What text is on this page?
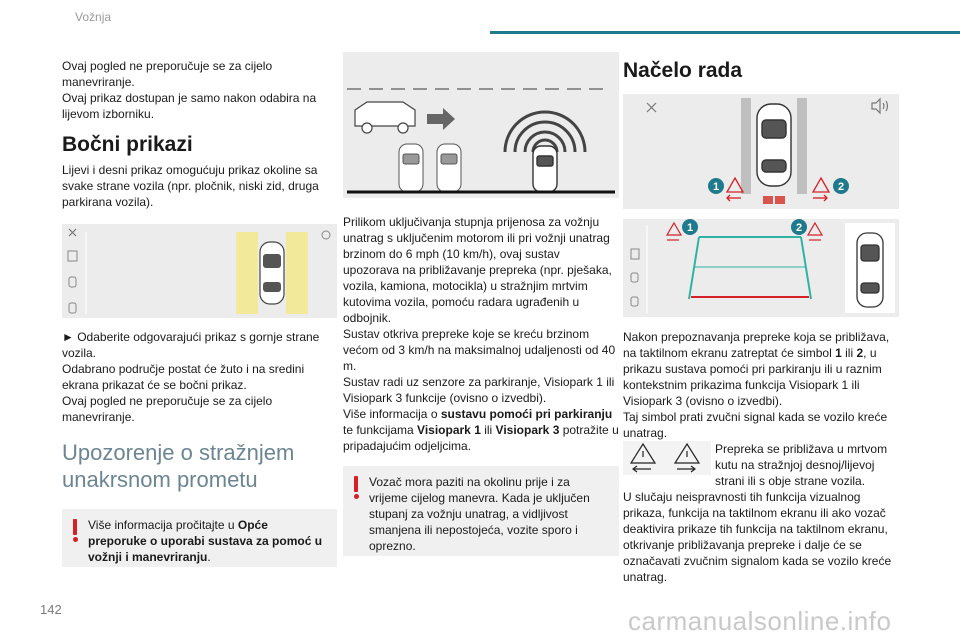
Vožnja

Ovaj pogled ne preporučuje se za cijelo manevriranje.
Ovaj prikaz dostupan je samo nakon odabira na lijevom izborniku.

Bočni prikazi

Lijevi i desni prikaz omogućuju prikaz okoline sa svake strane vozila (npr. pločnik, niski zid, druga parkirana vozila).

► Odaberite odgovarajući prikaz s gornje strane vozila.
Odabrano područje postat će žuto i na sredini ekrana prikazat će se bočni prikaz.
Ovaj pogled ne preporučuje se za cijelo manevriranje.

Upozorenje o stražnjem unakrsnom prometu

Više informacija pročitajte u Opće preporuke o uporabi sustava za pomoć u vožnji i manevriranju.

Prilikom uključivanja stupnja prijenosa za vožnju unatrag s uključenim motorom ili pri vožnji unatrag brzinom do 6 mph (10 km/h), ovaj sustav upozorava na približavanje prepreka (npr. pješaka, vozila, kamiona, motocikla) u stražnjim mrtvim kutovima vozila, pomoću radara ugrađenih u odbojnik.

Sustav otkriva prepreke koje se kreću brzinom većom od 3 km/h na maksimalnoj udaljenosti od 40 m.

Sustav radi uz senzore za parkiranje, Visiopark 1 ili Visiopark 3 funkcije (ovisno o izvedbi).

Više informacija o sustavu pomoći pri parkiranju te funkcijama Visiopark 1 ili Visiopark 3 potražite u pripadajućim odjeljcima.

Vozač mora paziti na okolinu prije i za vrijeme cijelog manevra. Kada je uključen stupanj za vožnju unatrag, a vidljivost smanjena ili nepostojeća, vozite sporo i oprezno.

Načelo rada
1	2
1	2

Nakon prepoznavanja prepreke koja se približava, na taktilnom ekranu zatreptat će simbol 1 ili 2, u prikazu sustava pomoći pri parkiranju ili u raznim kontekstnim prikazima funkcija Visiopark 1 ili Visiopark 3 (ovisno o izvedbi).

Taj simbol prati zvučni signal kada se vozilo kreće unatrag.

Prepreka se približava u mrtvom kutu na stražnjoj desnoj/lijevoj strani ili s obje strane vozila.

U slučaju neispravnosti tih funkcija vizualnog prikaza, funkcija na taktilnom ekranu ili ako vozač deaktivira prikaze tih funkcija na taktilnom ekranu, otkrivanje približavanja prepreke i dalje će se označavati zvučnim signalom kada se vozilo kreće unatrag.

142	carmanualsonline.info
